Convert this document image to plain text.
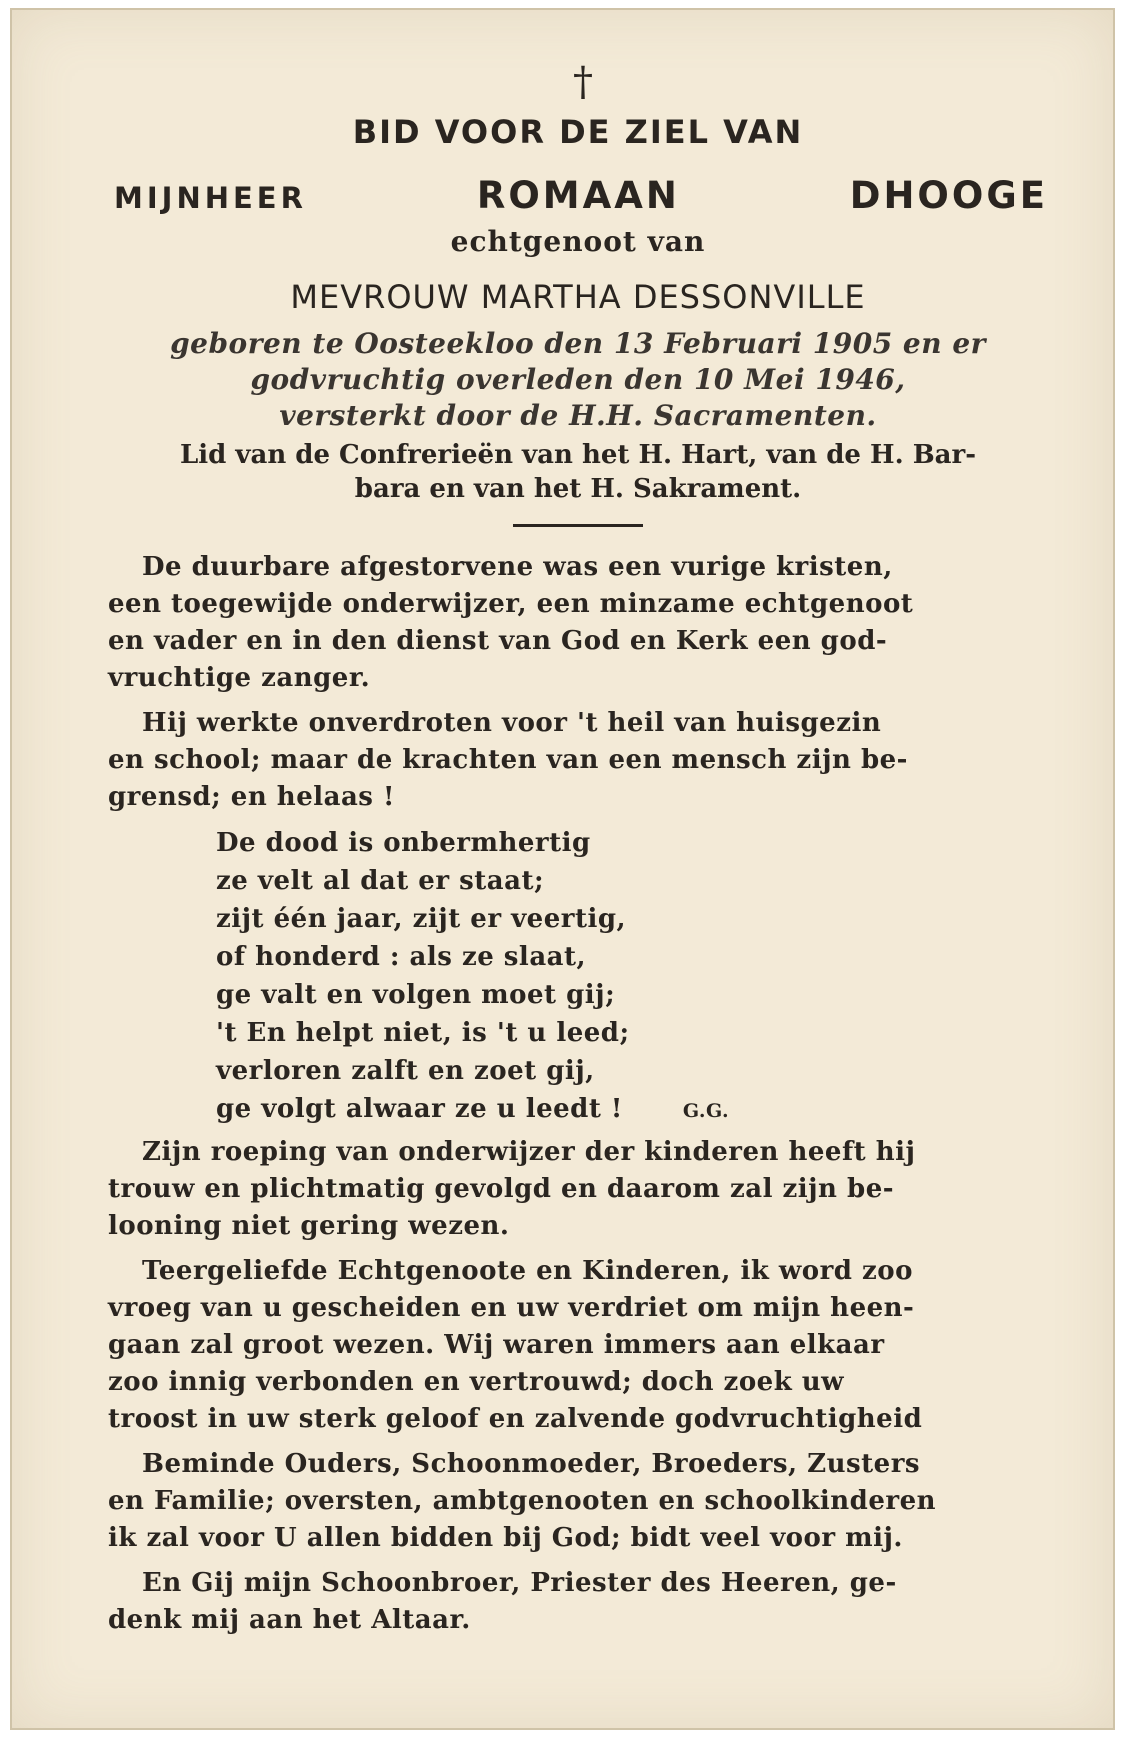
†
BID VOOR DE ZIEL VAN
MIJNHEER	ROMAAN	DHOOGE
echtgenoot van
MEVROUW MARTHA DESSONVILLE
geboren te Oosteekloo den 13 Februari 1905 en er
godvruchtig overleden den 10 Mei 1946,
versterkt door de H.H. Sacramenten.
Lid van de Confrerieën van het H. Hart, van de H. Bar-
bara en van het H. Sakrament.
De duurbare afgestorvene was een vurige kristen,
een toegewijde onderwijzer, een minzame echtgenoot
en vader en in den dienst van God en Kerk een god-
vruchtige zanger.
Hij werkte onverdroten voor 't heil van huisgezin
en school; maar de krachten van een mensch zijn be-
grensd; en helaas !
De dood is onbermhertig
ze velt al dat er staat;
zijt één jaar, zijt er veertig,
of honderd : als ze slaat,
ge valt en volgen moet gij;
't En helpt niet, is 't u leed;
verloren zalft en zoet gij,
ge volgt alwaar ze u leedt !	G.G.
Zijn roeping van onderwijzer der kinderen heeft hij
trouw en plichtmatig gevolgd en daarom zal zijn be-
looning niet gering wezen.
Teergeliefde Echtgenoote en Kinderen, ik word zoo
vroeg van u gescheiden en uw verdriet om mijn heen-
gaan zal groot wezen. Wij waren immers aan elkaar
zoo innig verbonden en vertrouwd; doch zoek uw
troost in uw sterk geloof en zalvende godvruchtigheid
Beminde Ouders, Schoonmoeder, Broeders, Zusters
en Familie; oversten, ambtgenooten en schoolkinderen
ik zal voor U allen bidden bij God; bidt veel voor mij.
En Gij mijn Schoonbroer, Priester des Heeren, ge-
denk mij aan het Altaar.
